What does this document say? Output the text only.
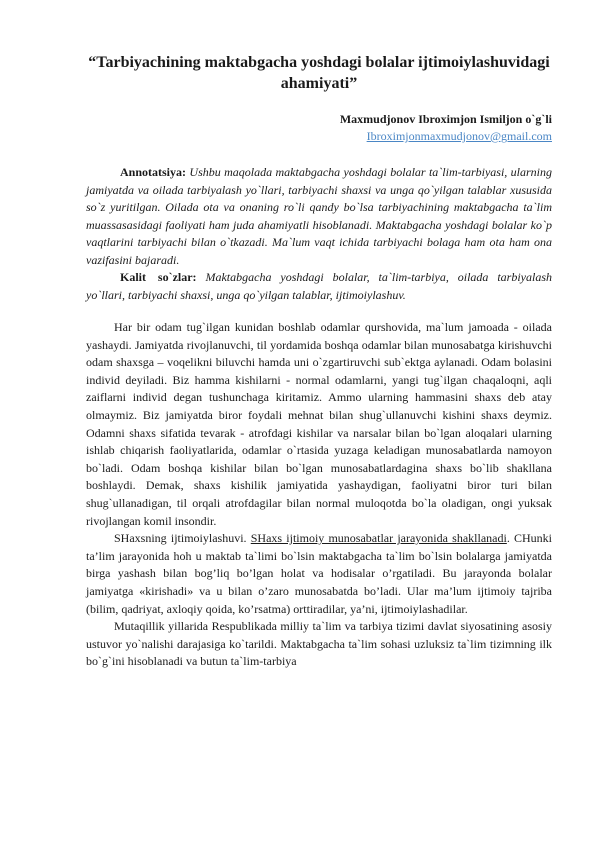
“Tarbiyachining maktabgacha yoshdagi bolalar ijtimoiylashuvidagi ahamiyati”

Maxmudjonov Ibroximjon Ismiljon o`g`li

Ibroximjonmaxmudjonov@gmail.com

Annotatsiya: Ushbu maqolada maktabgacha yoshdagi bolalar ta`lim-tarbiyasi, ularning jamiyatda va oilada tarbiyalash yo`llari, tarbiyachi shaxsi va unga qo`yilgan talablar xususida so`z yuritilgan. Oilada ota va onaning ro`li qandy bo`lsa tarbiyachining maktabgacha ta`lim muassasasidagi faoliyati ham juda ahamiyatli hisoblanadi. Maktabgacha yoshdagi bolalar ko`p vaqtlarini tarbiyachi bilan o`tkazadi. Ma`lum vaqt ichida tarbiyachi bolaga ham ota ham ona vazifasini bajaradi.

Kalit so`zlar: Maktabgacha yoshdagi bolalar, ta`lim-tarbiya, oilada tarbiyalash yo`llari, tarbiyachi shaxsi, unga qo`yilgan talablar, ijtimoiylashuv.

Har bir odam tug`ilgan kunidan boshlab odamlar qurshovida, ma`lum jamoada - oilada yashaydi. Jamiyatda rivojlanuvchi, til yordamida boshqa odamlar bilan munosabatga kirishuvchi odam shaxsga – voqelikni biluvchi hamda uni o`zgartiruvchi sub`ektga aylanadi. Odam bolasini individ deyiladi. Biz hamma kishilarni - normal odamlarni, yangi tug`ilgan chaqaloqni, aqli zaiflarni individ degan tushunchaga kiritamiz. Ammo ularning hammasini shaxs deb atay olmaymiz. Biz jamiyatda biror foydali mehnat bilan shug`ullanuvchi kishini shaxs deymiz. Odamni shaxs sifatida tevarak - atrofdagi kishilar va narsalar bilan bo`lgan aloqalari ularning ishlab chiqarish faoliyatlarida, odamlar o`rtasida yuzaga keladigan munosabatlarda namoyon bo`ladi. Odam boshqa kishilar bilan bo`lgan munosabatlardagina shaxs bo`lib shakllana boshlaydi. Demak, shaxs kishilik jamiyatida yashaydigan, faoliyatni biror turi bilan shug`ullanadigan, til orqali atrofdagilar bilan normal muloqotda bo`la oladigan, ongi yuksak rivojlangan komil insondir.

SHaxsning ijtimoiylashuvi. SHaxs ijtimoiy munosabatlar jarayonida shakllanadi. CHunki ta’lim jarayonida hoh u maktab ta`limi bo`lsin maktabgacha ta`lim bo`lsin bolalarga jamiyatda birga yashash bilan bog’liq bo’lgan holat va hodisalar o’rgatiladi. Bu jarayonda bolalar jamiyatga «kirishadi» va u bilan o’zaro munosabatda bo’ladi. Ular ma’lum ijtimoiy tajriba (bilim, qadriyat, axloqiy qoida, ko’rsatma) orttiradilar, ya’ni, ijtimoiylashadilar.

Mutaqillik yillarida Respublikada milliy ta`lim va tarbiya tizimi davlat siyosatining asosiy ustuvor yo`nalishi darajasiga ko`tarildi. Maktabgacha ta`lim sohasi uzluksiz ta`lim tizimning ilk bo`g`ini hisoblanadi va butun ta`lim-tarbiya
